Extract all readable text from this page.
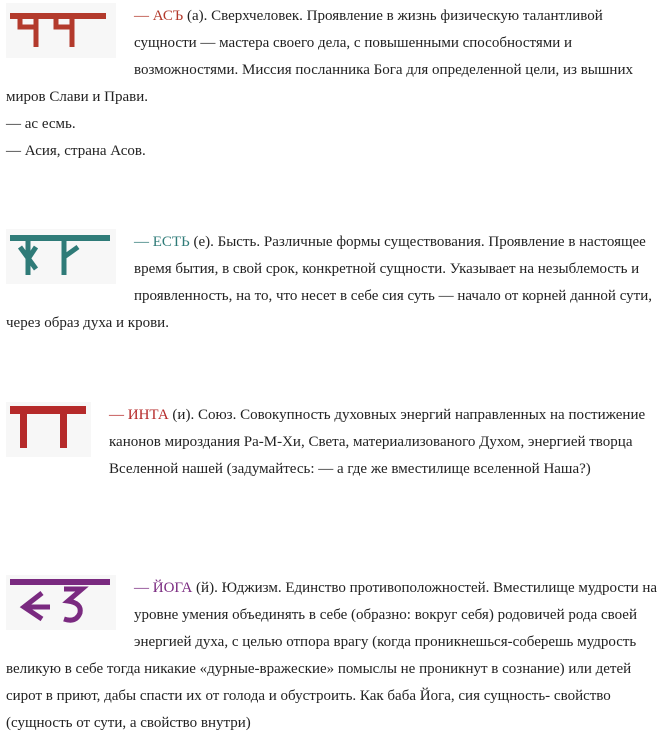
— АСЪ (а). Сверхчеловек. Проявление в жизнь физическую талантливой сущности — мастера своего дела, с повышенными способностями и возможностями. Миссия посланника Бога для определенной цели, из вышних миров Слави и Прави.
— ас есмь.
— Асия, страна Асов.
— ЕСТЬ (е). Бысть. Различные формы существования. Проявление в настоящее время бытия, в свой срок, конкретной сущности. Указывает на незыблемость и проявленность, на то, что несет в себе сия суть — начало от корней данной сути, через образ духа и крови.
— ИНТА (и). Союз. Совокупность духовных энергий направленных на постижение канонов мироздания Ра-М-Хи, Света, материализованого Духом, энергией творца Вселенной нашей (задумайтесь: — а где же вместилище вселенной Наша?)
— ЙОГА (й). Юджизм. Единство противоположностей. Вместилище мудрости на уровне умения объединять в себе (образно: вокруг себя) родовичей рода своей энергией духа, с целью отпора врагу (когда проникнешься-соберешь мудрость великую в себе тогда никакие «дурные-вражеские» помыслы не проникнут в сознание) или детей сирот в приют, дабы спасти их от голода и обустроить. Как баба Йога, сия сущность- свойство (сущность от сути, а свойство внутри)
